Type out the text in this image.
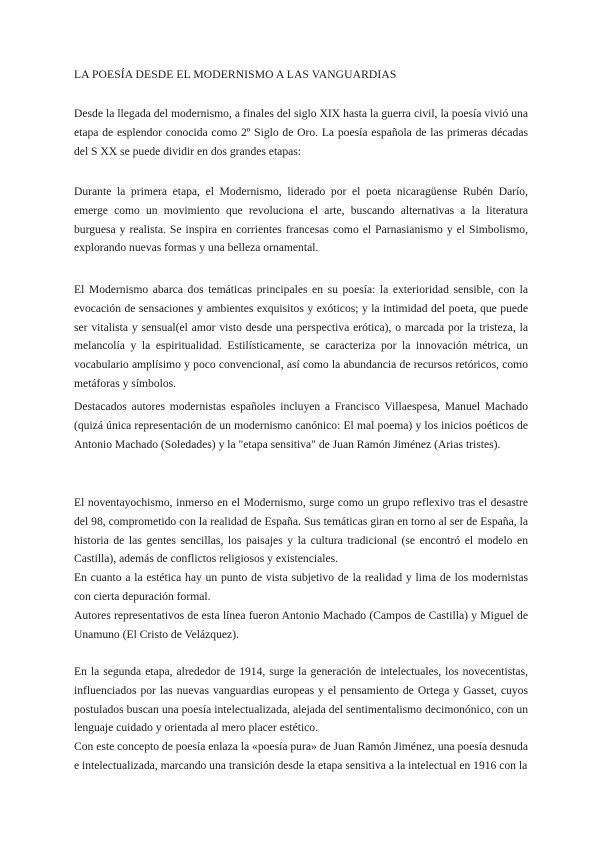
LA POESÍA DESDE EL MODERNISMO A LAS VANGUARDIAS

Desde la llegada del modernismo, a finales del siglo XIX hasta la guerra civil, la poesía vivió una etapa de esplendor conocida como 2º Siglo de Oro. La poesía española de las primeras décadas del S XX se puede dividir en dos grandes etapas:

Durante la primera etapa, el Modernismo, liderado por el poeta nicaragüense Rubén Darío, emerge como un movimiento que revoluciona el arte, buscando alternativas a la literatura burguesa y realista. Se inspira en corrientes francesas como el Parnasianismo y el Simbolismo, explorando nuevas formas y una belleza ornamental.

El Modernismo abarca dos temáticas principales en su poesía: la exterioridad sensible, con la evocación de sensaciones y ambientes exquisitos y exóticos; y la intimidad del poeta, que puede ser vitalista y sensual(el amor visto desde una perspectiva erótica), o marcada por la tristeza, la melancolía y la espiritualidad. Estilísticamente, se caracteriza por la innovación métrica, un vocabulario amplísimo y poco convencional, así como la abundancia de recursos retóricos, como metáforas y símbolos.

Destacados autores modernistas españoles incluyen a Francisco Villaespesa, Manuel Machado (quizá única representación de un modernismo canónico: El mal poema) y los inicios poéticos de Antonio Machado (Soledades) y la "etapa sensitiva" de Juan Ramón Jiménez (Arias tristes).

El noventayochismo, inmerso en el Modernismo, surge como un grupo reflexivo tras el desastre del 98, comprometido con la realidad de España. Sus temáticas giran en torno al ser de España, la historia de las gentes sencillas, los paisajes y la cultura tradicional (se encontró el modelo en Castilla), además de conflictos religiosos y existenciales.
En cuanto a la estética hay un punto de vista subjetivo de la realidad y lima de los modernistas con cierta depuración formal.
Autores representativos de esta línea fueron Antonio Machado (Campos de Castilla) y Miguel de Unamuno (El Cristo de Velázquez).

En la segunda etapa, alrededor de 1914, surge la generación de intelectuales, los novecentistas, influenciados por las nuevas vanguardias europeas y el pensamiento de Ortega y Gasset, cuyos postulados buscan una poesía intelectualizada, alejada del sentimentalismo decimonónico, con un lenguaje cuidado y orientada al mero placer estético.
Con este concepto de poesía enlaza la «poesía pura» de Juan Ramón Jiménez, una poesía desnuda e intelectualizada, marcando una transición desde la etapa sensitiva a la intelectual en 1916 con la
